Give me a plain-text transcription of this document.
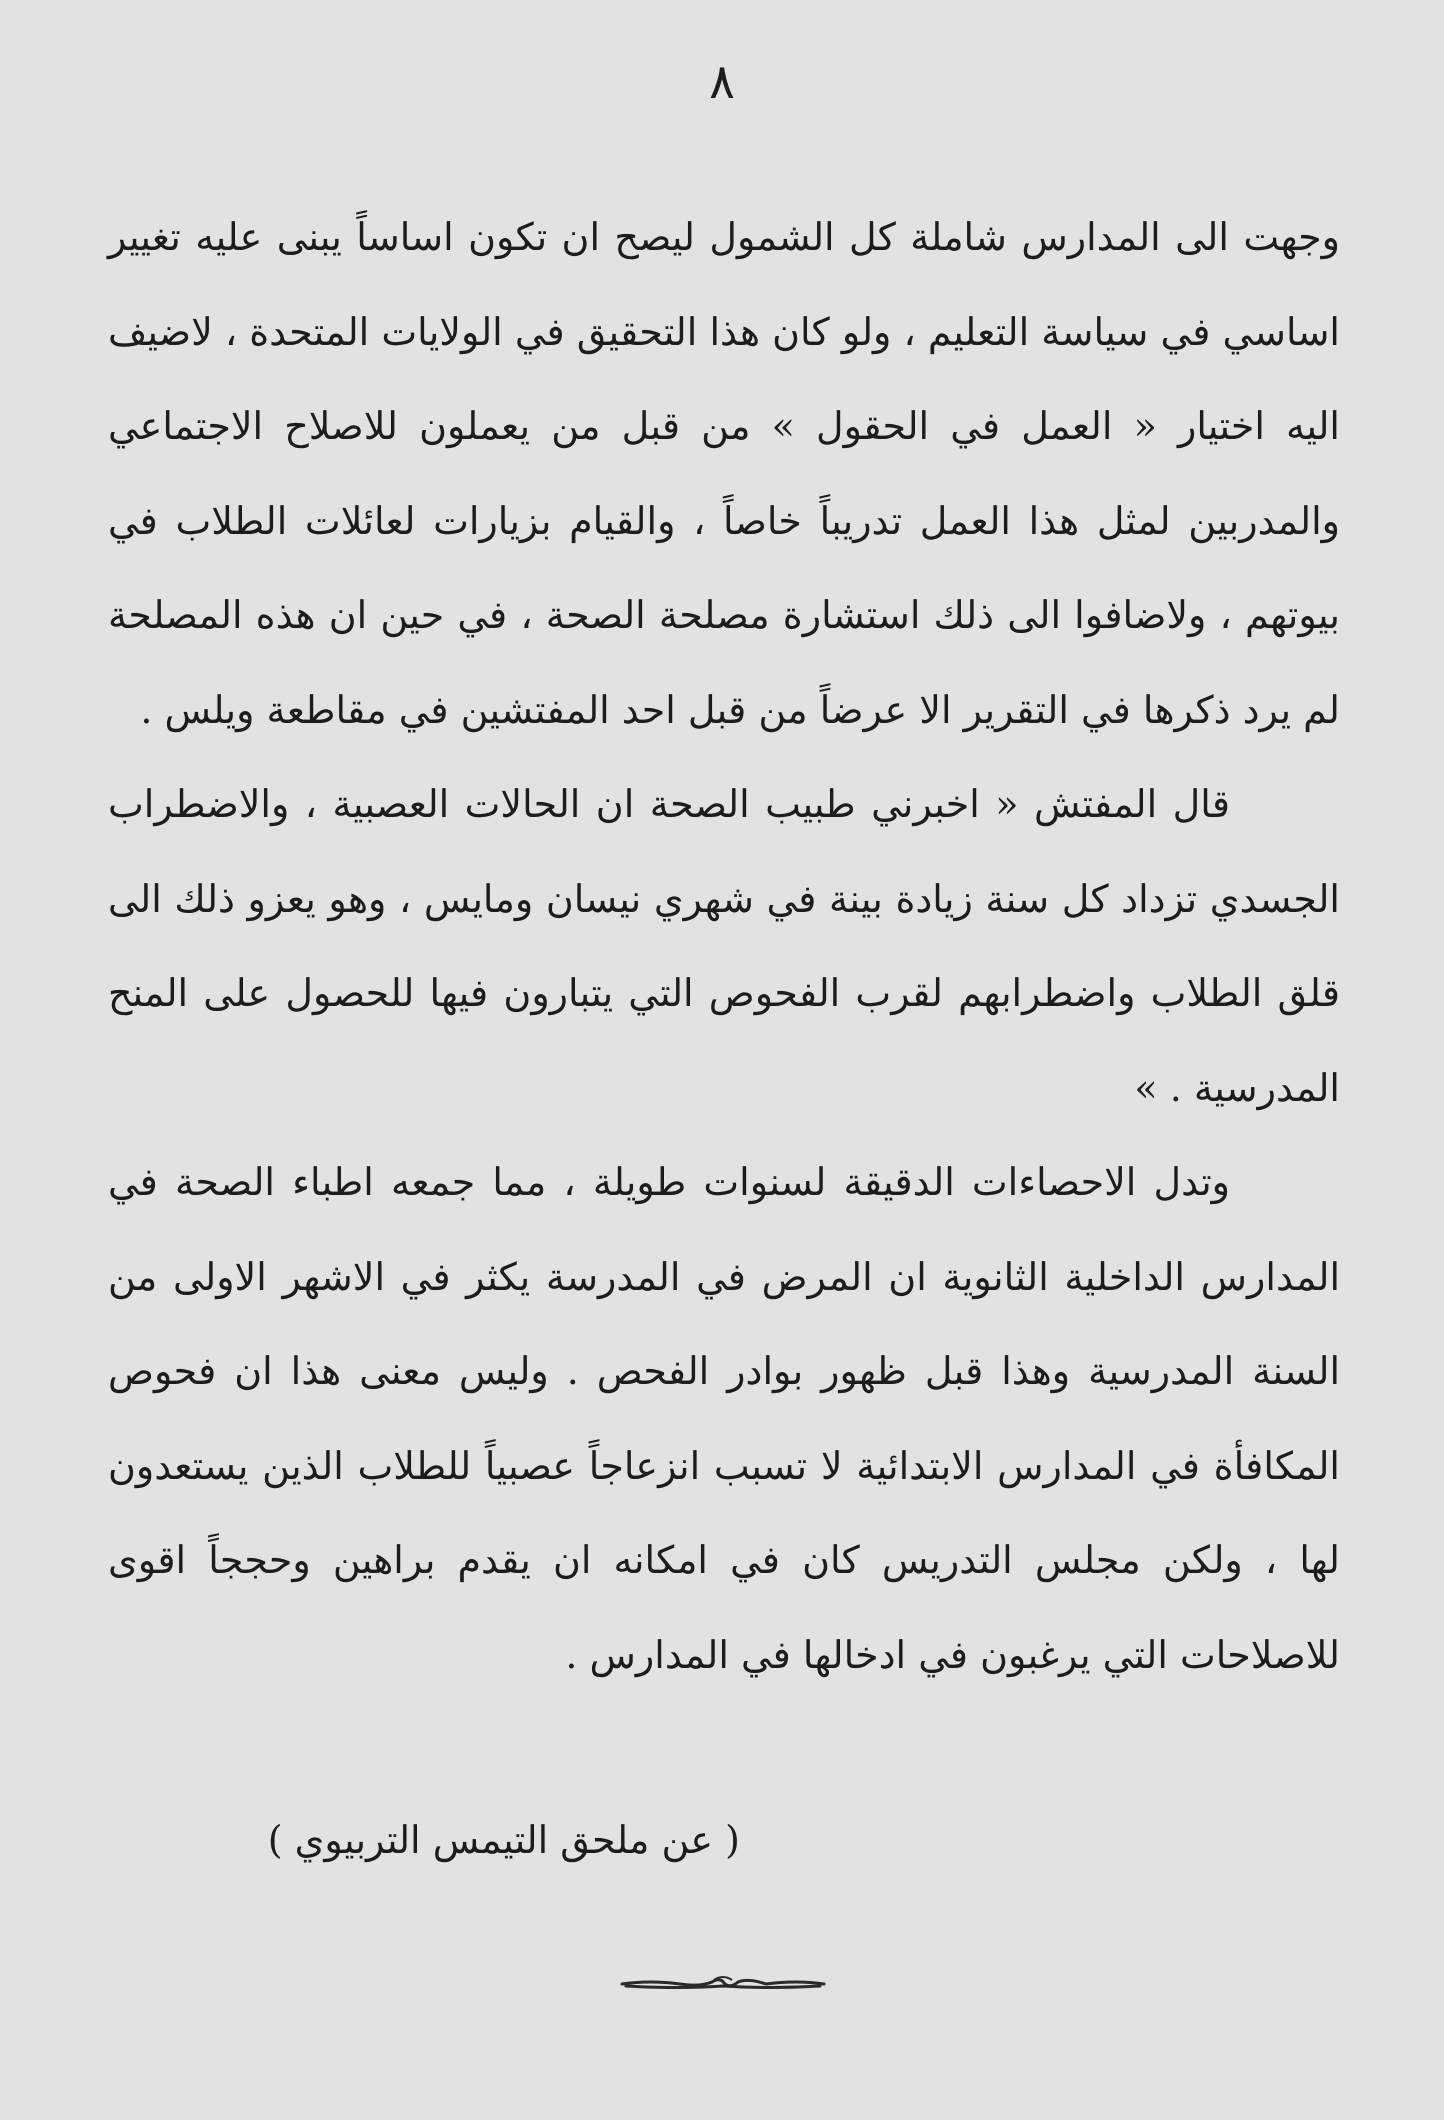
٨

وجهت الى المدارس شاملة كل الشمول ليصح ان تكون اساساً يبنى عليه تغيير اساسي في سياسة التعليم ، ولو كان هذا التحقيق في الولايات المتحدة ، لاضيف اليه اختيار « العمل في الحقول » من قبل من يعملون للاصلاح الاجتماعي والمدربين لمثل هذا العمل تدريباً خاصاً ، والقيام بزيارات لعائلات الطلاب في بيوتهم ، ولاضافوا الى ذلك استشارة مصلحة الصحة ، في حين ان هذه المصلحة لم يرد ذكرها في التقرير الا عرضاً من قبل احد المفتشين في مقاطعة ويلس .

قال المفتش « اخبرني طبيب الصحة ان الحالات العصبية ، والاضطراب الجسدي تزداد كل سنة زيادة بينة في شهري نيسان ومايس ، وهو يعزو ذلك الى قلق الطلاب واضطرابهم لقرب الفحوص التي يتبارون فيها للحصول على المنح المدرسية . »

وتدل الاحصاءات الدقيقة لسنوات طويلة ، مما جمعه اطباء الصحة في المدارس الداخلية الثانوية ان المرض في المدرسة يكثر في الاشهر الاولى من السنة المدرسية وهذا قبل ظهور بوادر الفحص . وليس معنى هذا ان فحوص المكافأة في المدارس الابتدائية لا تسبب انزعاجاً عصبياً للطلاب الذين يستعدون لها ، ولكن مجلس التدريس كان في امكانه ان يقدم براهين وحججاً اقوى للاصلاحات التي يرغبون في ادخالها في المدارس .

( عن ملحق التيمس التربيوي )
